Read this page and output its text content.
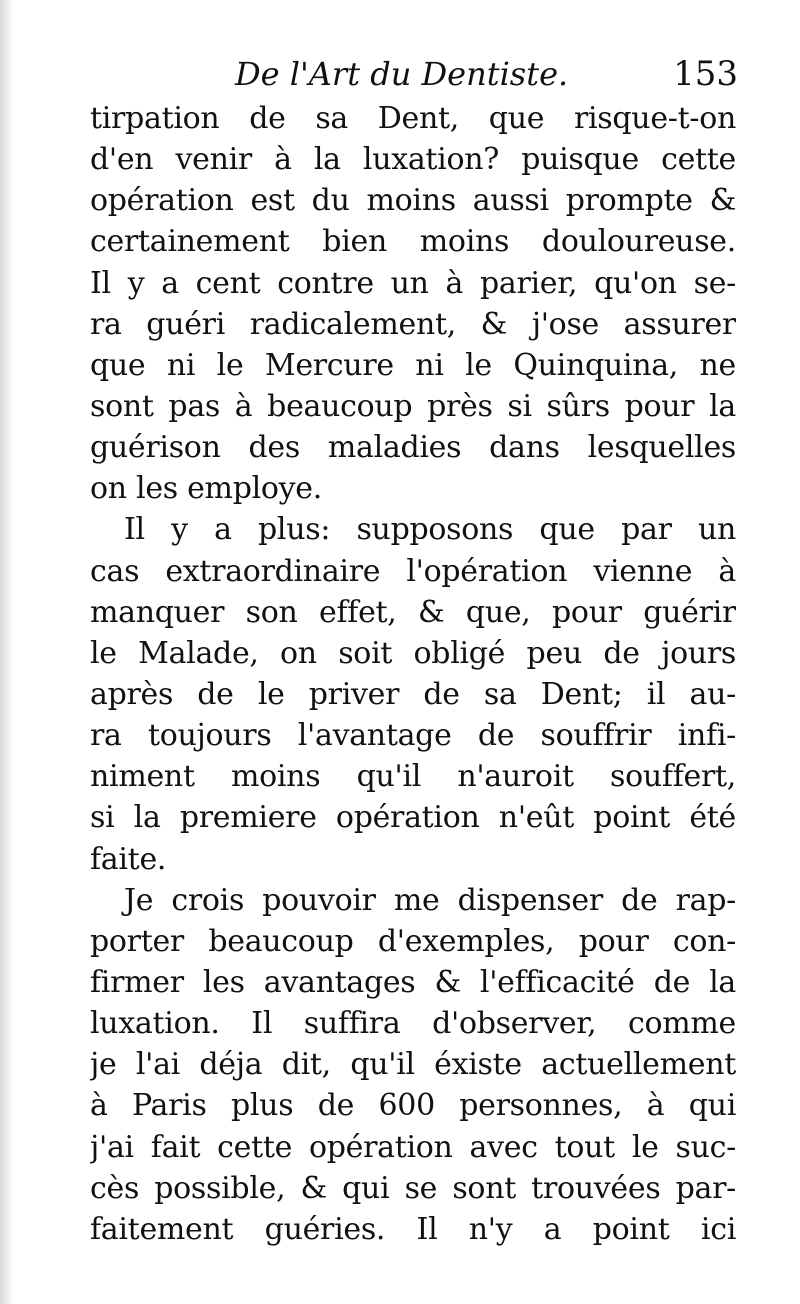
De l'Art du Dentiste.	153
tirpation de sa Dent, que risque-t-on
d'en venir à la luxation? puisque cette
opération est du moins aussi prompte &
certainement bien moins douloureuse.
Il y a cent contre un à parier, qu'on se-
ra guéri radicalement, & j'ose assurer
que ni le Mercure ni le Quinquina, ne
sont pas à beaucoup près si sûrs pour la
guérison des maladies dans lesquelles
on les employe.
Il y a plus: supposons que par un
cas extraordinaire l'opération vienne à
manquer son effet, & que, pour guérir
le Malade, on soit obligé peu de jours
après de le priver de sa Dent; il au-
ra toujours l'avantage de souffrir infi-
niment moins qu'il n'auroit souffert,
si la premiere opération n'eût point été
faite.
Je crois pouvoir me dispenser de rap-
porter beaucoup d'exemples, pour con-
firmer les avantages & l'efficacité de la
luxation. Il suffira d'observer, comme
je l'ai déja dit, qu'il éxiste actuellement
à Paris plus de 600 personnes, à qui
j'ai fait cette opération avec tout le suc-
cès possible, & qui se sont trouvées par-
faitement guéries. Il n'y a point ici
